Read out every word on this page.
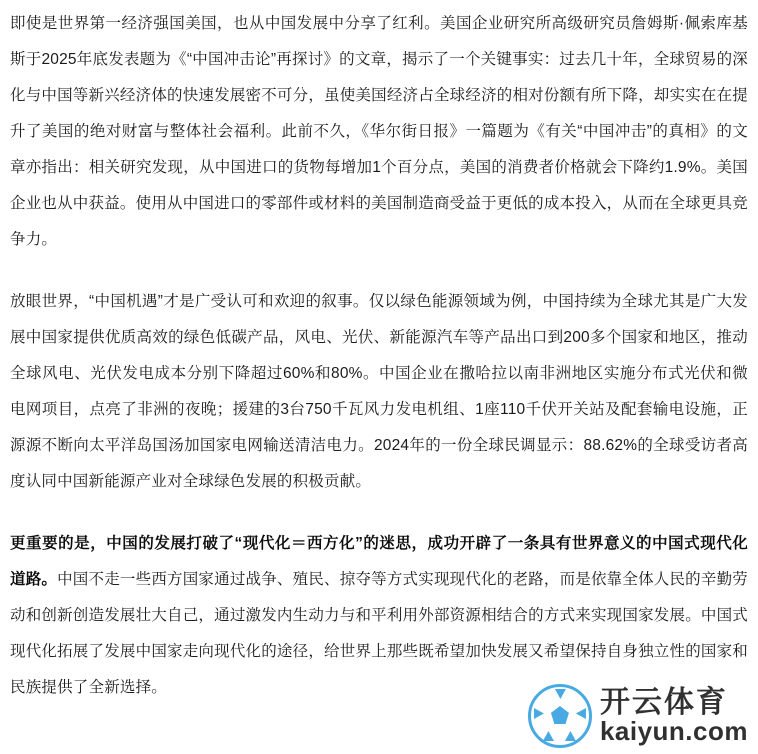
即使是世界第一经济强国美国，也从中国发展中分享了红利。美国企业研究所高级研究员詹姆斯·佩索库基斯于2025年底发表题为《“中国冲击论”再探讨》的文章，揭示了一个关键事实：过去几十年，全球贸易的深化与中国等新兴经济体的快速发展密不可分，虽使美国经济占全球经济的相对份额有所下降，却实实在在提升了美国的绝对财富与整体社会福利。此前不久，《华尔街日报》一篇题为《有关“中国冲击”的真相》的文章亦指出：相关研究发现，从中国进口的货物每增加1个百分点，美国的消费者价格就会下降约1.9%。美国企业也从中获益。使用从中国进口的零部件或材料的美国制造商受益于更低的成本投入，从而在全球更具竞争力。

放眼世界，“中国机遇”才是广受认可和欢迎的叙事。仅以绿色能源领域为例，中国持续为全球尤其是广大发展中国家提供优质高效的绿色低碳产品，风电、光伏、新能源汽车等产品出口到200多个国家和地区，推动全球风电、光伏发电成本分别下降超过60%和80%。中国企业在撒哈拉以南非洲地区实施分布式光伏和微电网项目，点亮了非洲的夜晚；援建的3台750千瓦风力发电机组、1座110千伏开关站及配套输电设施，正源源不断向太平洋岛国汤加国家电网输送清洁电力。2024年的一份全球民调显示：88.62%的全球受访者高度认同中国新能源产业对全球绿色发展的积极贡献。

更重要的是，中国的发展打破了“现代化＝西方化”的迷思，成功开辟了一条具有世界意义的中国式现代化道路。中国不走一些西方国家通过战争、殖民、掠夺等方式实现现代化的老路，而是依靠全体人民的辛勤劳动和创新创造发展壮大自己，通过激发内生动力与和平利用外部资源相结合的方式来实现国家发展。中国式现代化拓展了发展中国家走向现代化的途径，给世界上那些既希望加快发展又希望保持自身独立性的国家和民族提供了全新选择。	开云体育
kaiyun.com
